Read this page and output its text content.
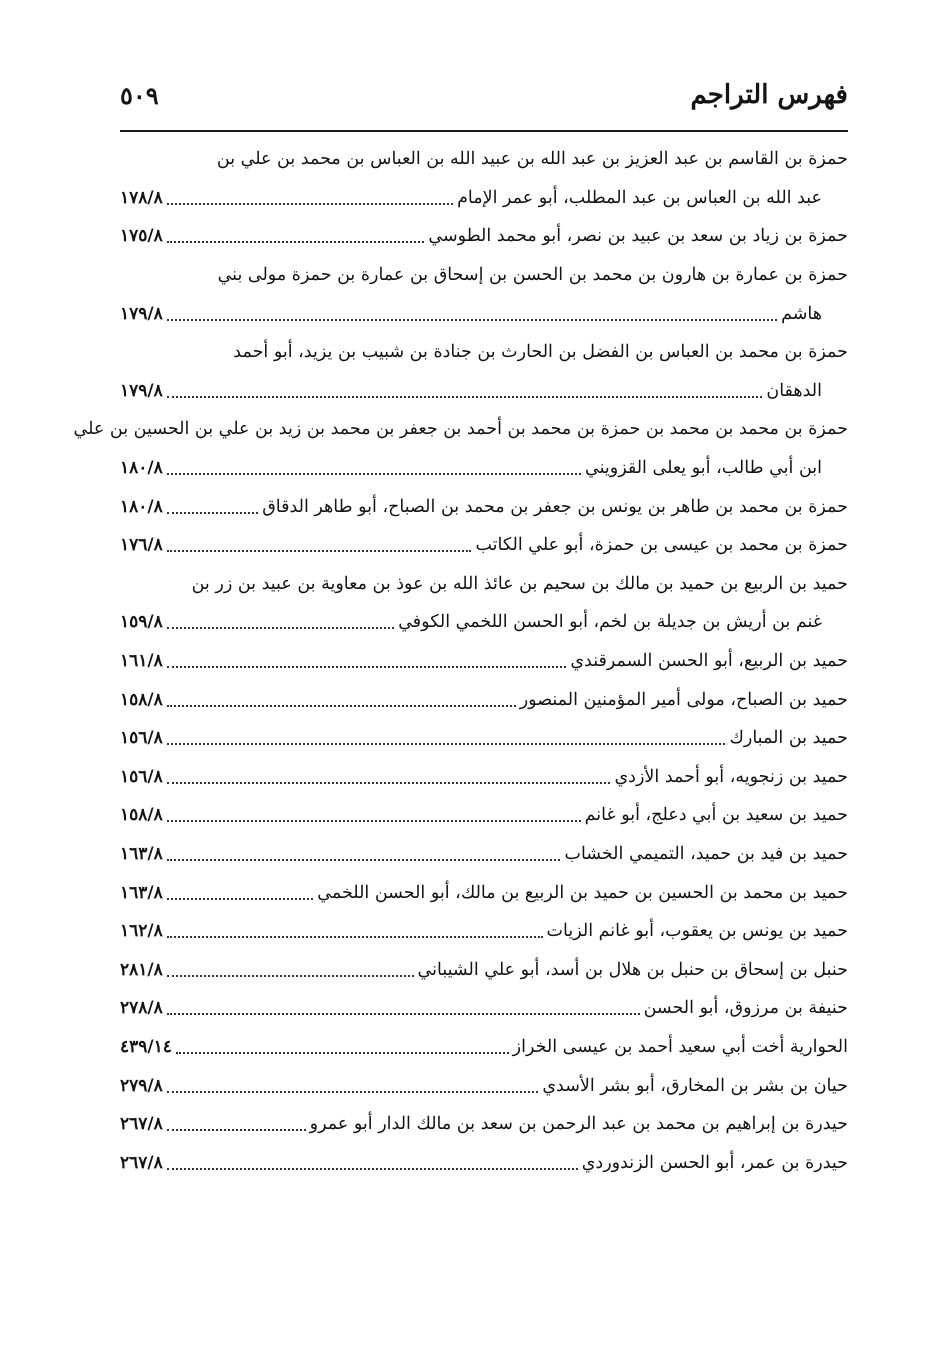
فهرس التراجم
٥٠٩
حمزة بن القاسم بن عبد العزيز بن عبد الله بن عبيد الله بن العباس بن محمد بن علي بن
عبد الله بن العباس بن عبد المطلب، أبو عمر الإمام
١٧٨/٨
حمزة بن زياد بن سعد بن عبيد بن نصر، أبو محمد الطوسي
١٧٥/٨
حمزة بن عمارة بن هارون بن محمد بن الحسن بن إسحاق بن عمارة بن حمزة مولى بني
هاشم
١٧٩/٨
حمزة بن محمد بن العباس بن الفضل بن الحارث بن جنادة بن شبيب بن يزيد، أبو أحمد
الدهقان
١٧٩/٨
حمزة بن محمد بن محمد بن حمزة بن محمد بن أحمد بن جعفر بن محمد بن زيد بن علي بن الحسين بن علي
ابن أبي طالب، أبو يعلى القزويني
١٨٠/٨
حمزة بن محمد بن طاهر بن يونس بن جعفر بن محمد بن الصباح، أبو طاهر الدقاق
١٨٠/٨
حمزة بن محمد بن عيسى بن حمزة، أبو علي الكاتب
١٧٦/٨
حميد بن الربيع بن حميد بن مالك بن سحيم بن عائذ الله بن عوذ بن معاوية بن عبيد بن زر بن
غنم بن أريش بن جديلة بن لخم، أبو الحسن اللخمي الكوفي
١٥٩/٨
حميد بن الربيع، أبو الحسن السمرقندي
١٦١/٨
حميد بن الصباح، مولى أمير المؤمنين المنصور
١٥٨/٨
حميد بن المبارك
١٥٦/٨
حميد بن زنجويه، أبو أحمد الأزدي
١٥٦/٨
حميد بن سعيد بن أبي دعلج، أبو غانم
١٥٨/٨
حميد بن فيد بن حميد، التميمي الخشاب
١٦٣/٨
حميد بن محمد بن الحسين بن حميد بن الربيع بن مالك، أبو الحسن اللخمي
١٦٣/٨
حميد بن يونس بن يعقوب، أبو غانم الزيات
١٦٢/٨
حنبل بن إسحاق بن حنبل بن هلال بن أسد، أبو علي الشيباني
٢٨١/٨
حنيفة بن مرزوق، أبو الحسن
٢٧٨/٨
الحوارية أخت أبي سعيد أحمد بن عيسى الخراز
٤٣٩/١٤
حيان بن بشر بن المخارق، أبو بشر الأسدي
٢٧٩/٨
حيدرة بن إبراهيم بن محمد بن عبد الرحمن بن سعد بن مالك الدار أبو عمرو
٢٦٧/٨
حيدرة بن عمر، أبو الحسن الزندوردي
٢٦٧/٨
